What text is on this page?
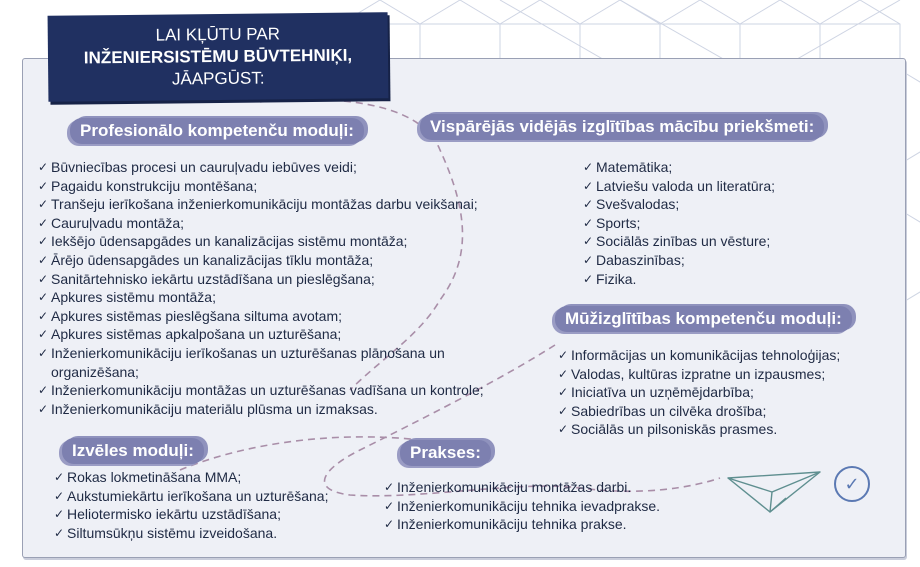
LAI KĻŪTU PAR
INŽENIERSISTĒMU BŪVTEHNIĶI,
JĀAPGŪST:
Profesionālo kompetenču moduļi:
✓ Būvniecības procesi un cauruļvadu iebūves veidi;
✓ Pagaidu konstrukciju montēšana;
✓ Tranšeju ierīkošana inženierkomunikāciju montāžas darbu veikšanai;
✓ Cauruļvadu montāža;
✓ Iekšējo ūdensapgādes un kanalizācijas sistēmu montāža;
✓ Ārējo ūdensapgādes un kanalizācijas tīklu montāža;
✓ Sanitārtehnisko iekārtu uzstādīšana un pieslēgšana;
✓ Apkures sistēmu montāža;
✓ Apkures sistēmas pieslēgšana siltuma avotam;
✓ Apkures sistēmas apkalpošana un uzturēšana;
✓ Inženierkomunikāciju ierīkošanas un uzturēšanas plānošana un organizēšana;
✓ Inženierkomunikāciju montāžas un uzturēšanas vadīšana un kontrole;
✓ Inženierkomunikāciju materiālu plūsma un izmaksas.
Vispārējās vidējās izglītības mācību priekšmeti:
✓ Matemātika;
✓ Latviešu valoda un literatūra;
✓ Svešvalodas;
✓ Sports;
✓ Sociālās zinības un vēsture;
✓ Dabaszinības;
✓ Fizika.
Mūžizglītības kompetenču moduļi:
✓ Informācijas un komunikācijas tehnoloģijas;
✓ Valodas, kultūras izpratne un izpausmes;
✓ Iniciatīva un uzņēmējdarbība;
✓ Sabiedrības un cilvēka drošība;
✓ Sociālās un pilsoniskās prasmes.
Izvēles moduļi:
✓ Rokas lokmetināšana MMA;
✓ Aukstumiekārtu ierīkošana un uzturēšana;
✓ Heliotermisko iekārtu uzstādīšana;
✓ Siltumsūkņu sistēmu izveidošana.
Prakses:
✓ Inženierkomunikāciju montāžas darbi.
✓ Inženierkomunikāciju tehnika ievadprakse.
✓ Inženierkomunikāciju tehnika prakse.
✓
